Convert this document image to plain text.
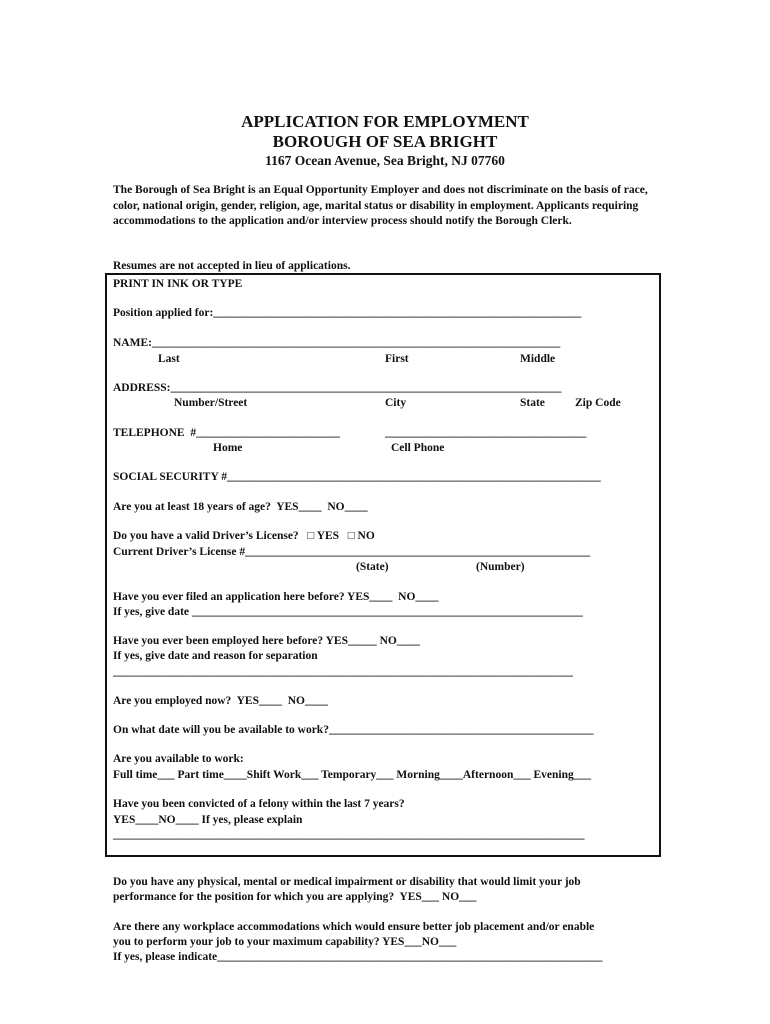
APPLICATION FOR EMPLOYMENT
BOROUGH OF SEA BRIGHT
1167 Ocean Avenue, Sea Bright, NJ 07760
The Borough of Sea Bright is an Equal Opportunity Employer and does not discriminate on the basis of race, color, national origin, gender, religion, age, marital status or disability in employment. Applicants requiring accommodations to the application and/or interview process should notify the Borough Clerk.
Resumes are not accepted in lieu of applications.
PRINT IN INK OR TYPE
Position applied for:________________________________________________________________
NAME:_______________________________________________________________________
Last	First	Middle
ADDRESS:____________________________________________________________________
Number/Street	City	State	Zip Code
TELEPHONE  #_________________________	___________________________________
Home	Cell Phone
SOCIAL SECURITY #_________________________________________________________________
Are you at least 18 years of age?  YES____  NO____
Do you have a valid Driver’s License?   □ YES   □ NO
Current Driver’s License #____________________________________________________________
(State)	(Number)
Have you ever filed an application here before? YES____  NO____
If yes, give date ____________________________________________________________________
Have you ever been employed here before? YES_____ NO____
If yes, give date and reason for separation
________________________________________________________________________________
Are you employed now?  YES____  NO____
On what date will you be available to work?______________________________________________
Are you available to work:
Full time___ Part time____Shift Work___ Temporary___ Morning____Afternoon___ Evening___
Have you been convicted of a felony within the last 7 years?
YES____NO____ If yes, please explain
__________________________________________________________________________________
Do you have any physical, mental or medical impairment or disability that would limit your job
performance for the position for which you are applying?  YES___ NO___
Are there any workplace accommodations which would ensure better job placement and/or enable
you to perform your job to your maximum capability? YES___NO___
If yes, please indicate___________________________________________________________________
